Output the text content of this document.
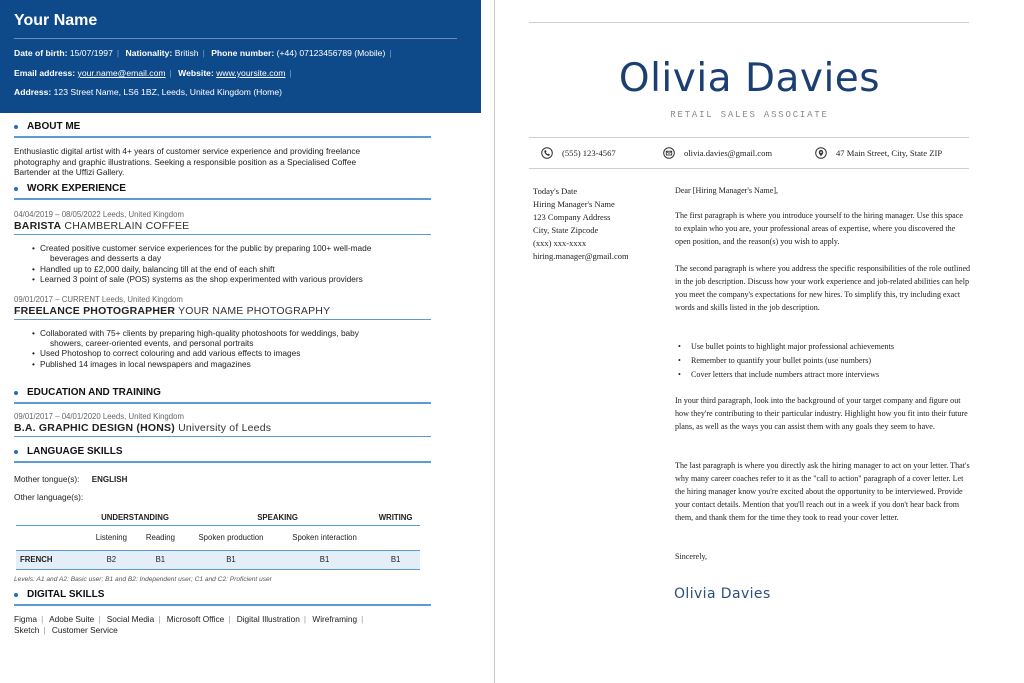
Your Name
Date of birth: 15/07/1997 | Nationality: British | Phone number: (+44) 07123456789 (Mobile) |
Email address: your.name@email.com | Website: www.yoursite.com |
Address: 123 Street Name, LS6 1BZ, Leeds, United Kingdom (Home)
ABOUT ME
Enthusiastic digital artist with 4+ years of customer service experience and providing freelance
photography and graphic illustrations. Seeking a responsible position as a Specialised Coffee
Bartender at the Uffizi Gallery.
WORK EXPERIENCE
04/04/2019 – 08/05/2022 Leeds, United Kingdom
BARISTA CHAMBERLAIN COFFEE
• Created positive customer service experiences for the public by preparing 100+ well-made
beverages and desserts a day
• Handled up to £2,000 daily, balancing till at the end of each shift
• Learned 3 point of sale (POS) systems as the shop experimented with various providers
09/01/2017 – CURRENT Leeds, United Kingdom
FREELANCE PHOTOGRAPHER YOUR NAME PHOTOGRAPHY
• Collaborated with 75+ clients by preparing high-quality photoshoots for weddings, baby
showers, career-oriented events, and personal portraits
• Used Photoshop to correct colouring and add various effects to images
• Published 14 images in local newspapers and magazines
EDUCATION AND TRAINING
09/01/2017 – 04/01/2020 Leeds, United Kingdom
B.A. GRAPHIC DESIGN (HONS) University of Leeds
LANGUAGE SKILLS
Mother tongue(s): ENGLISH
Other language(s):
	UNDERSTANDING		SPEAKING		WRITING
	Listening	Reading	Spoken production	Spoken interaction	
FRENCH	B2	B1	B1	B1	B1
Levels: A1 and A2: Basic user; B1 and B2: Independent user; C1 and C2: Proficient user
DIGITAL SKILLS
Figma | Adobe Suite | Social Media | Microsoft Office | Digital Illustration | Wireframing |
Sketch | Customer Service
Olivia Davies
RETAIL SALES ASSOCIATE
(555) 123-4567	olivia.davies@gmail.com	47 Main Street, City, State ZIP
Today's Date
Hiring Manager's Name
123 Company Address
City, State Zipcode
(xxx) xxx-xxxx
hiring.manager@gmail.com
Dear [Hiring Manager's Name],
The first paragraph is where you introduce yourself to the hiring manager. Use this space to explain who you are, your professional areas of expertise, where you discovered the open position, and the reason(s) you wish to apply.
The second paragraph is where you address the specific responsibilities of the role outlined in the job description. Discuss how your work experience and job-related abilities can help you meet the company's expectations for new hires. To simplify this, try including exact words and skills listed in the job description.
• Use bullet points to highlight major professional achievements
• Remember to quantify your bullet points (use numbers)
• Cover letters that include numbers attract more interviews
In your third paragraph, look into the background of your target company and figure out how they're contributing to their particular industry. Highlight how you fit into their future plans, as well as the ways you can assist them with any goals they seem to have.
The last paragraph is where you directly ask the hiring manager to act on your letter. That's why many career coaches refer to it as the "call to action" paragraph of a cover letter. Let the hiring manager know you're excited about the opportunity to be interviewed. Provide your contact details. Mention that you'll reach out in a week if you don't hear back from them, and thank them for the time they took to read your cover letter.
Sincerely,
Olivia Davies
